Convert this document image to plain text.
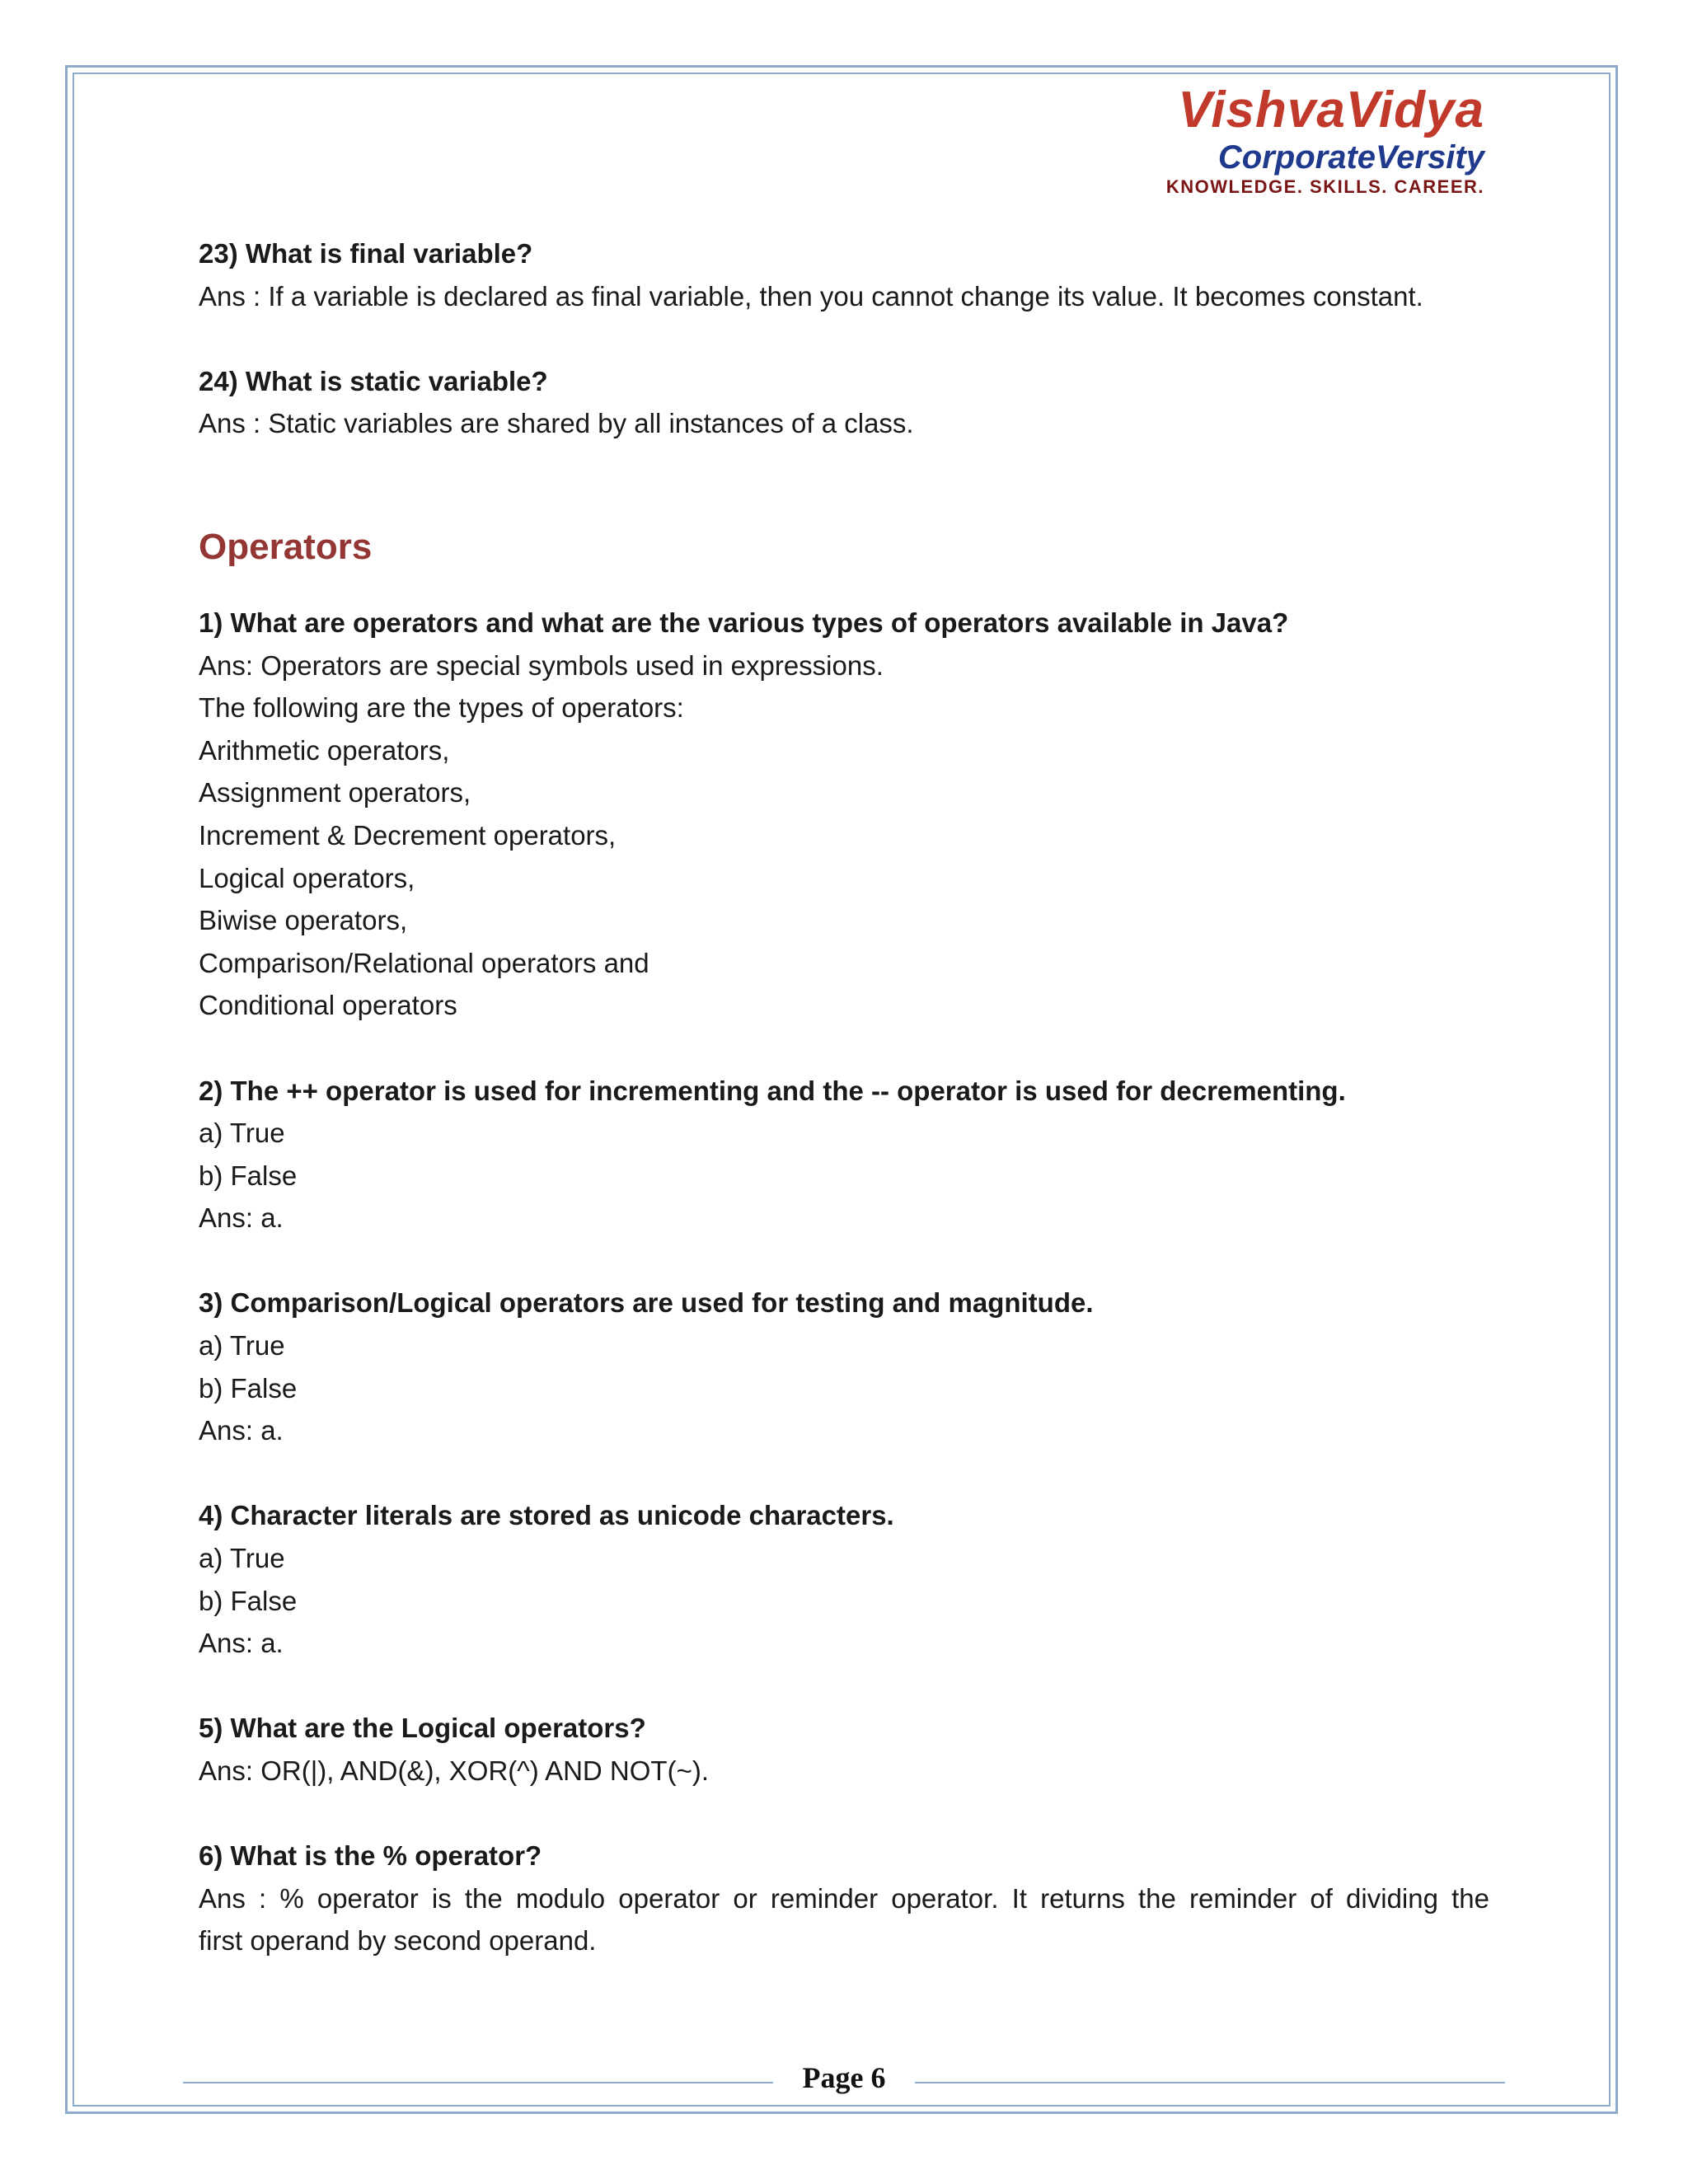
VishvaVidya
CorporateVersity
KNOWLEDGE. SKILLS. CAREER.

23) What is final variable?

Ans : If a variable is declared as final variable, then you cannot change its value. It becomes constant.

24) What is static variable?

Ans : Static variables are shared by all instances of a class.

Operators

1) What are operators and what are the various types of operators available in Java?

Ans: Operators are special symbols used in expressions.

The following are the types of operators:

Arithmetic operators,

Assignment operators,

Increment & Decrement operators,

Logical operators,

Biwise operators,

Comparison/Relational operators and

Conditional operators

2) The ++ operator is used for incrementing and the -- operator is used for decrementing.

a) True

b) False

Ans: a.

3) Comparison/Logical operators are used for testing and magnitude.

a) True

b) False

Ans: a.

4) Character literals are stored as unicode characters.

a) True

b) False

Ans: a.

5) What are the Logical operators?

Ans: OR(|), AND(&), XOR(^) AND NOT(~).

6) What is the % operator?

Ans : % operator is the modulo operator or reminder operator. It returns the reminder of dividing the

first operand by second operand.

Page 6
